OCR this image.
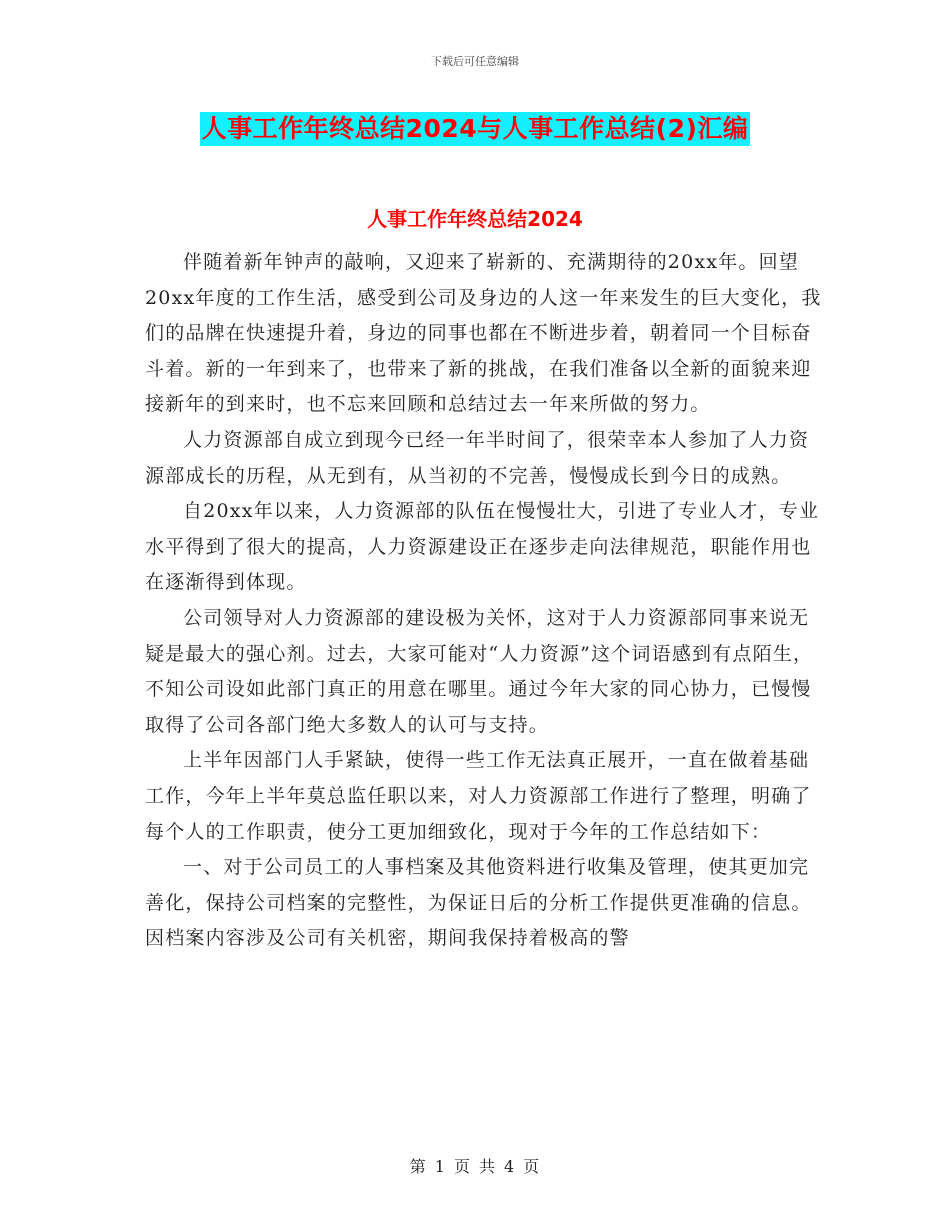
下载后可任意编辑
人事工作年终总结2024与人事工作总结(2)汇编
人事工作年终总结2024

伴随着新年钟声的敲响，又迎来了崭新的、充满期待的20xx年。回望20xx年度的工作生活，感受到公司及身边的人这一年来发生的巨大变化，我们的品牌在快速提升着，身边的同事也都在不断进步着，朝着同一个目标奋斗着。新的一年到来了，也带来了新的挑战，在我们准备以全新的面貌来迎接新年的到来时，也不忘来回顾和总结过去一年来所做的努力。

人力资源部自成立到现今已经一年半时间了，很荣幸本人参加了人力资源部成长的历程，从无到有，从当初的不完善，慢慢成长到今日的成熟。

自20xx年以来，人力资源部的队伍在慢慢壮大，引进了专业人才，专业水平得到了很大的提高，人力资源建设正在逐步走向法律规范，职能作用也在逐渐得到体现。

公司领导对人力资源部的建设极为关怀，这对于人力资源部同事来说无疑是最大的强心剂。过去，大家可能对“人力资源”这个词语感到有点陌生，不知公司设如此部门真正的用意在哪里。通过今年大家的同心协力，已慢慢取得了公司各部门绝大多数人的认可与支持。

上半年因部门人手紧缺，使得一些工作无法真正展开，一直在做着基础工作，今年上半年莫总监任职以来，对人力资源部工作进行了整理，明确了每个人的工作职责，使分工更加细致化，现对于今年的工作总结如下：

一、对于公司员工的人事档案及其他资料进行收集及管理，使其更加完善化，保持公司档案的完整性，为保证日后的分析工作提供更准确的信息。因档案内容涉及公司有关机密，期间我保持着极高的警

第 1 页 共 4 页
